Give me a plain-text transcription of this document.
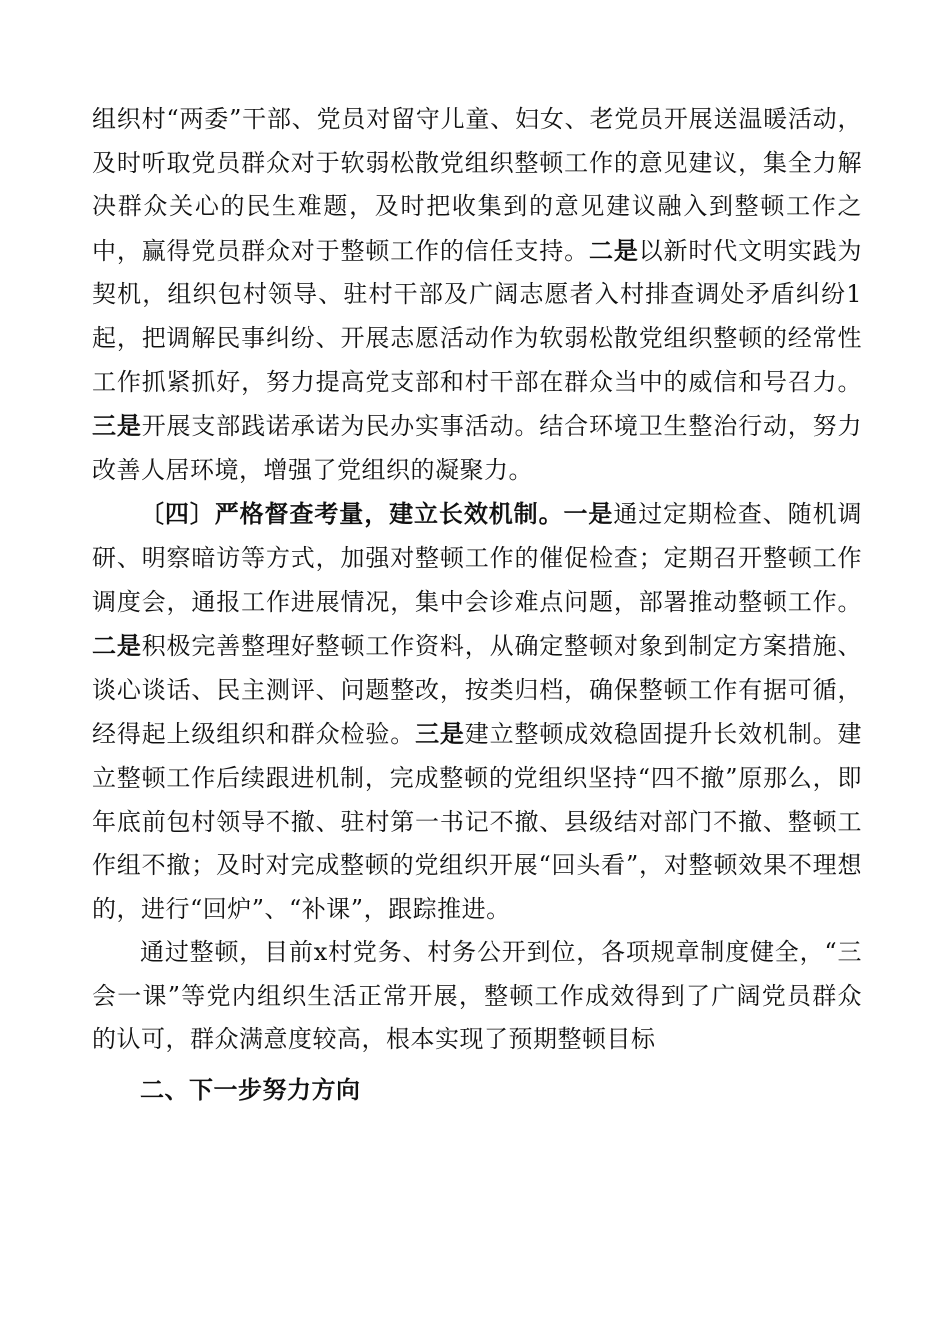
组织村“两委”干部、党员对留守儿童、妇女、老党员开展送温暖活动，及时听取党员群众对于软弱松散党组织整顿工作的意见建议，集全力解决群众关心的民生难题，及时把收集到的意见建议融入到整顿工作之中，赢得党员群众对于整顿工作的信任支持。二是以新时代文明实践为契机，组织包村领导、驻村干部及广阔志愿者入村排查调处矛盾纠纷1起，把调解民事纠纷、开展志愿活动作为软弱松散党组织整顿的经常性工作抓紧抓好，努力提高党支部和村干部在群众当中的威信和号召力。三是开展支部践诺承诺为民办实事活动。结合环境卫生整治行动，努力改善人居环境，增强了党组织的凝聚力。

〔四〕严格督查考量，建立长效机制。一是通过定期检查、随机调研、明察暗访等方式，加强对整顿工作的催促检查；定期召开整顿工作调度会，通报工作进展情况，集中会诊难点问题，部署推动整顿工作。二是积极完善整理好整顿工作资料，从确定整顿对象到制定方案措施、谈心谈话、民主测评、问题整改，按类归档，确保整顿工作有据可循，经得起上级组织和群众检验。三是建立整顿成效稳固提升长效机制。建立整顿工作后续跟进机制，完成整顿的党组织坚持“四不撤”原那么，即年底前包村领导不撤、驻村第一书记不撤、县级结对部门不撤、整顿工作组不撤；及时对完成整顿的党组织开展“回头看”，对整顿效果不理想的，进行“回炉”、“补课”，跟踪推进。

通过整顿，目前x村党务、村务公开到位，各项规章制度健全，“三会一课”等党内组织生活正常开展，整顿工作成效得到了广阔党员群众的认可，群众满意度较高，根本实现了预期整顿目标

二、下一步努力方向
